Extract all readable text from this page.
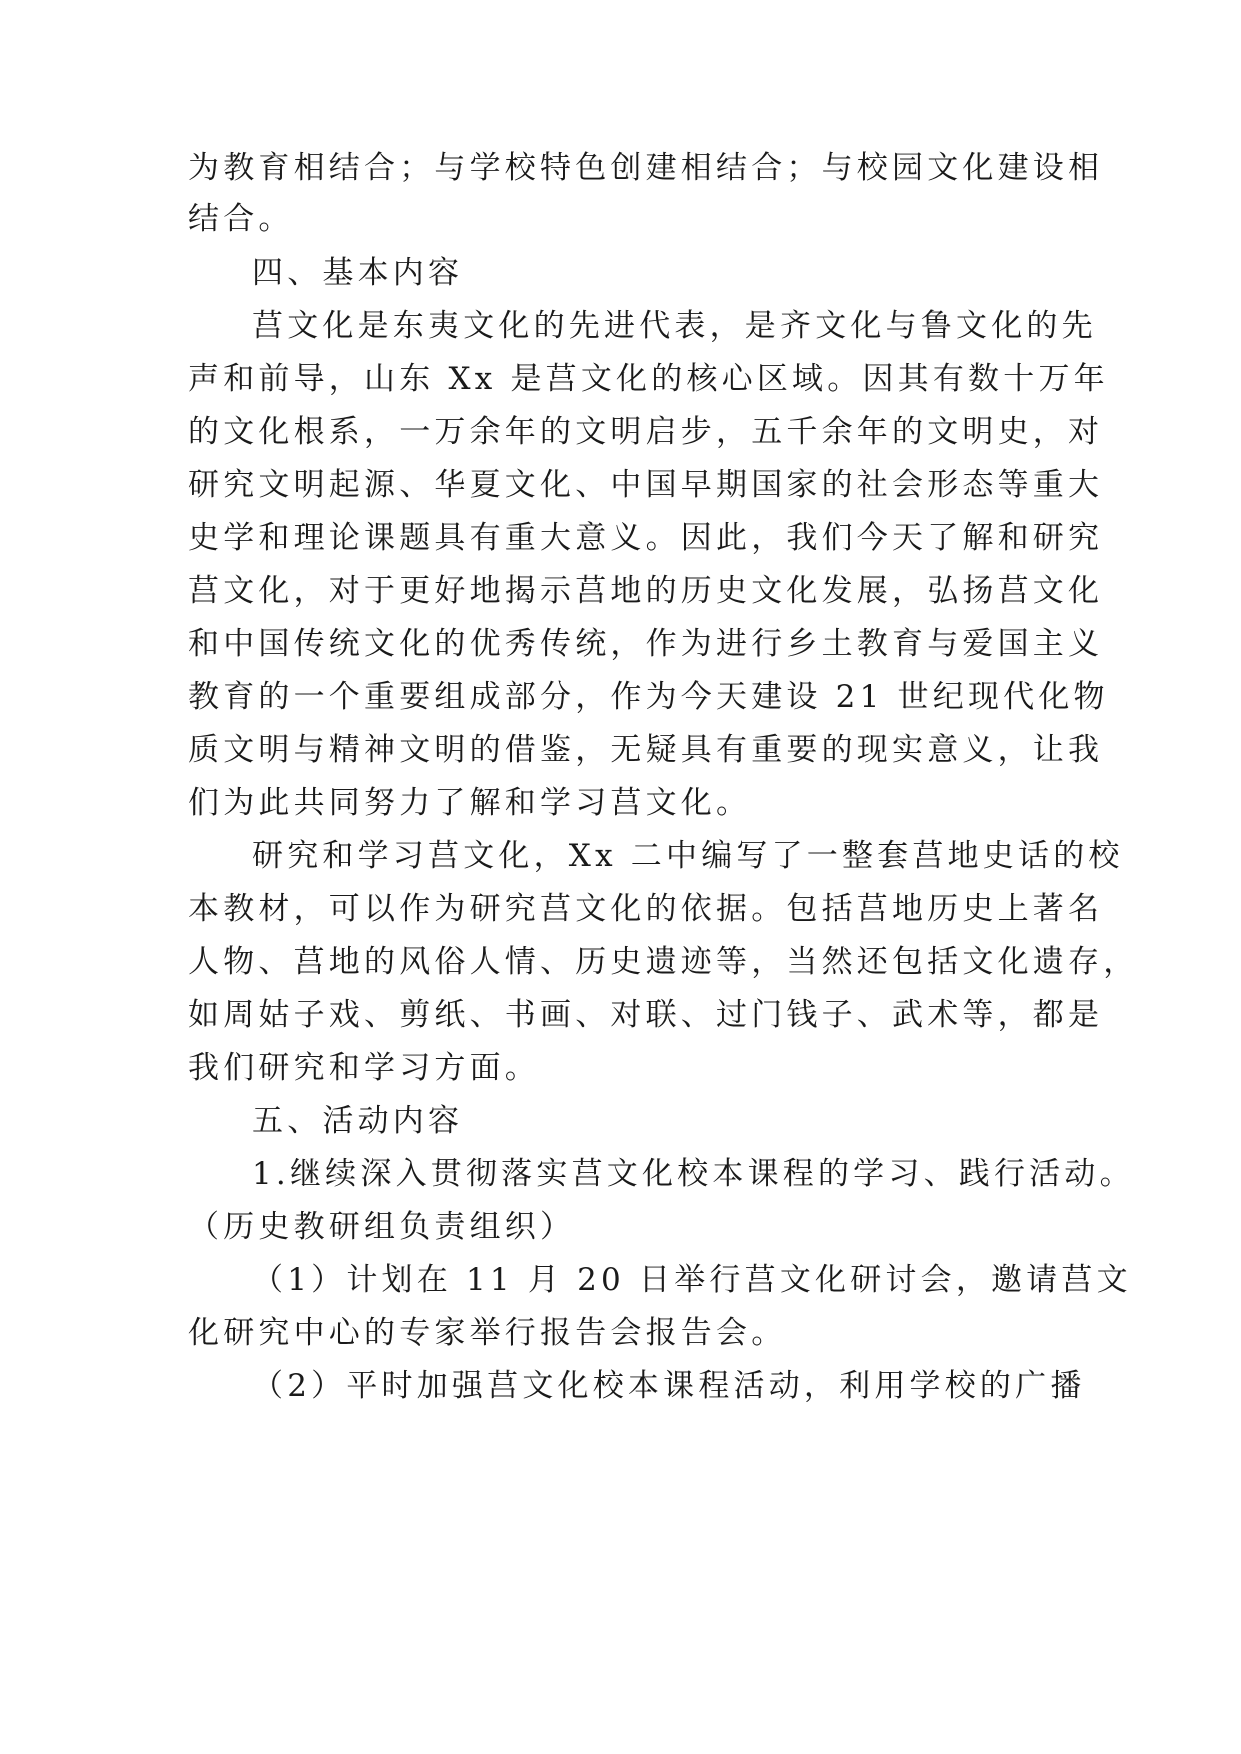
为教育相结合；与学校特色创建相结合；与校园文化建设相

结合。

四、基本内容

莒文化是东夷文化的先进代表，是齐文化与鲁文化的先

声和前导，山东 Xx 是莒文化的核心区域。因其有数十万年

的文化根系，一万余年的文明启步，五千余年的文明史，对

研究文明起源、华夏文化、中国早期国家的社会形态等重大

史学和理论课题具有重大意义。因此，我们今天了解和研究

莒文化，对于更好地揭示莒地的历史文化发展，弘扬莒文化

和中国传统文化的优秀传统，作为进行乡土教育与爱国主义

教育的一个重要组成部分，作为今天建设 21 世纪现代化物

质文明与精神文明的借鉴，无疑具有重要的现实意义，让我

们为此共同努力了解和学习莒文化。

研究和学习莒文化，Xx 二中编写了一整套莒地史话的校

本教材，可以作为研究莒文化的依据。包括莒地历史上著名

人物、莒地的风俗人情、历史遗迹等，当然还包括文化遗存，

如周姑子戏、剪纸、书画、对联、过门钱子、武术等，都是

我们研究和学习方面。

五、活动内容

1.继续深入贯彻落实莒文化校本课程的学习、践行活动。

（历史教研组负责组织）

（1）计划在 11 月 20 日举行莒文化研讨会，邀请莒文

化研究中心的专家举行报告会报告会。

（2）平时加强莒文化校本课程活动，利用学校的广播
